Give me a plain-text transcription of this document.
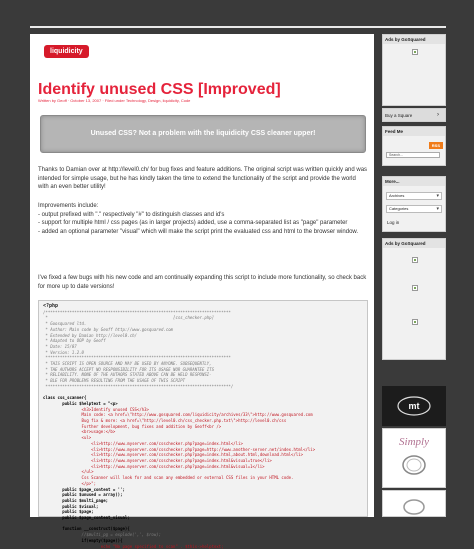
liquidicity
Identify unused CSS [Improved]
Written by Geoff · October 13, 2007 · Filed under Technology, Design, liquidicity, Code
Unused CSS? Not a problem with the liquidicity CSS cleaner upper!
Thanks to Damian over at http://level0.ch/ for bug fixes and feature additions. The original script was written quickly and was intended for simple usage, but he has kindly taken the time to extend the functionality of the script and provide the world with an even better utility!
Improvements include:
- output prefixed with "." respectively "#" to distinguish classes and id's
- support for multiple html / css pages (as in larger projects) added, use a comma-separated list as "page" parameter
- added an optional parameter "visual" which will make the script print the evaluated css and html to the browser window.
I've fixed a few bugs with his new code and am continually expanding this script to include more functionality, so check back for more up to date versions!
<?php
/*****************************************************************************
*                                                    [css_checker.php]
* Goosquared ltd.
* Author: Main code by Geoff http://www.gosquared.com
* Extended by Damian http://level0.ch/
* Adapted to OOP by Geoff
* Date: 15/07
* Version: 1.2.0
*****************************************************************************
* THIS SCRIPT IS OPEN SOURCE AND MAY BE USED BY ANYONE. SUBSEQUENTLY,
* THE AUTHORS ACCEPT NO RESPONSIBILITY FOR ITS USAGE NOR GUARANTEE ITS
* RELIABILITY. NONE OF THE AUTHORS STATED ABOVE CAN BE HELD RESPONSI-
* BLE FOR PROBLEMS RESULTING FROM THE USAGE OF THIS SCRIPT
*****************************************************************************/

class css_scanner{
public $helptext = "<p>
<h3>Identify unused CSS</h3>
Main code: <a href=\"http://www.gosquared.com/liquidicity/archives/33\">http://www.gosquared.com
Bug fix & more: <a href=\"http://level0.ch/css_checker.php.txt\">http://level0.ch/css
Further development, bug fixes and addition by Geoff<br />
<br>usage:</b>
<ul>
<li>http://www.myserver.com/csschecker.php?page=index.html</li>
<li>http://www.myserver.com/csschecker.php?page=http://www.another-server.net/index.html</li>
<li>http://www.myserver.com/csschecker.php?page=index.html,about.html,download.html</li>
<li>http://www.myserver.com/csschecker.php?page=index.html&visual=true</li>
<li>http://www.myserver.com/csschecker.php?page=index.html&visual=1</li>
</ul>
Css Scanner will look for and scan any embedded or external CSS files in your HTML code.
</p>";
public $page_content = '';
public $unused = array();
public $multi_page;
public $visual;
public $page;
public $page_content_visual;

function __construct($page){
//$multi_pg = explode(',', $row);
if(empty($page)){
echo "No page specified to scan" . $this->helptext;
Ads by GoSquared
Buy a Square	›
Feed Me
RSS
Search...
More...
Archives ▾
Categories ▾
Log in
Ads by GoSquared
mt
Simply
